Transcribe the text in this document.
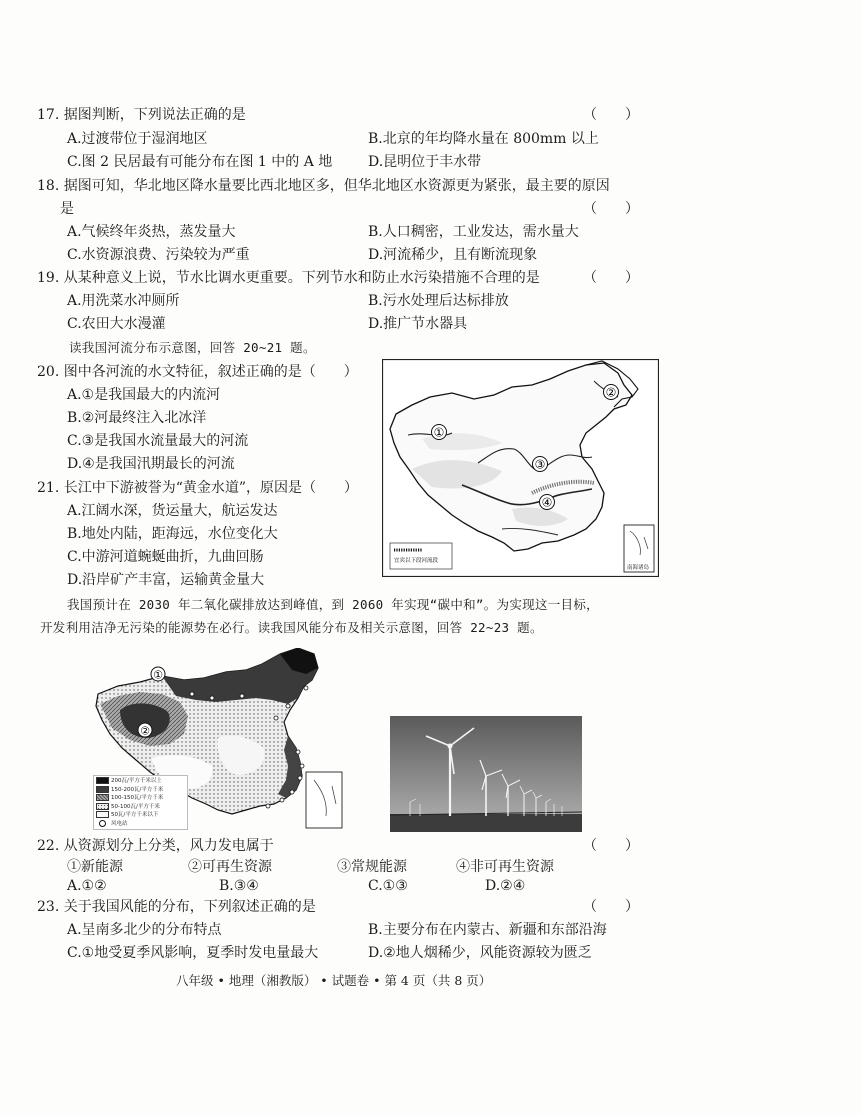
17. 据图判断，下列说法正确的是	（　　）
A.过渡带位于湿润地区	B.北京的年均降水量在 800mm 以上
C.图 2 民居最有可能分布在图 1 中的 A 地	D.昆明位于丰水带
18. 据图可知，华北地区降水量要比西北地区多，但华北地区水资源更为紧张，最主要的原因
是	（　　）
A.气候终年炎热，蒸发量大	B.人口稠密，工业发达，需水量大
C.水资源浪费、污染较为严重	D.河流稀少，且有断流现象
19. 从某种意义上说，节水比调水更重要。下列节水和防止水污染措施不合理的是	（　　）
A.用洗菜水冲厕所	B.污水处理后达标排放
C.农田大水漫灌	D.推广节水器具
读我国河流分布示意图，回答 20~21 题。
20. 图中各河流的水文特征，叙述正确的是（　　）
A.①是我国最大的内流河
B.②河最终注入北冰洋
C.③是我国水流量最大的河流
D.④是我国汛期最长的河流
21. 长江中下游被誉为“黄金水道”，原因是（　　）
A.江阔水深，货运量大，航运发达
B.地处内陆，距海远，水位变化大
C.中游河道蜿蜒曲折，九曲回肠
D.沿岸矿产丰富，运输黄金量大
①
②
③
④
宜宾以下段河流段
南海诸岛
我国预计在 2030 年二氧化碳排放达到峰值，到 2060 年实现“碳中和”。为实现这一目标，
开发利用洁净无污染的能源势在必行。读我国风能分布及相关示意图，回答 22~23 题。
①
②
200瓦/平方千米以上
150-200瓦/平方千米
100-150瓦/平方千米
50-100瓦/平方千米
50瓦/平方千米以下
风电站
22. 从资源划分上分类，风力发电属于	（　　）
①新能源	②可再生资源	③常规能源	④非可再生资源
A.①②	B.③④	C.①③	D.②④
23. 关于我国风能的分布，下列叙述正确的是	（　　）
A.呈南多北少的分布特点	B.主要分布在内蒙古、新疆和东部沿海
C.①地受夏季风影响，夏季时发电量最大	D.②地人烟稀少，风能资源较为匮乏
八年级 • 地理（湘教版） • 试题卷 • 第 4 页（共 8 页）
